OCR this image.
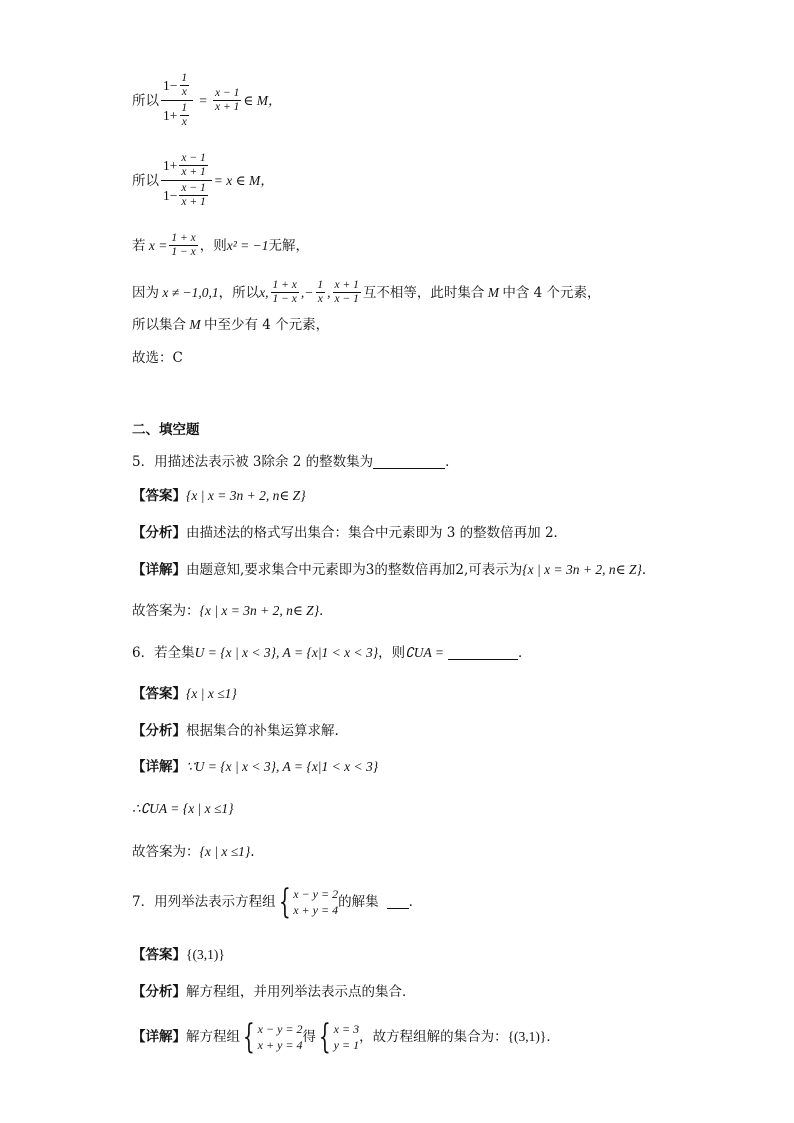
所以 $\frac{1- \frac{1}{x}}{1+ \frac{1}{x}} = \frac{x - 1}{x + 1}$ ∈ M，
所以 $\frac{1+ \frac{x - 1}{x + 1}}{1- \frac{x - 1}{x + 1}} = x$ ∈ M，
若 $x = \frac{1 + x}{1 - x}$ ，则 x² = −1 无解，
因为 x ≠ −1,0,1 ，所以 x, $\frac{1 + x}{1 - x}$ ,− $\frac{1}{x}$ , $\frac{x + 1}{x - 1}$ 互不相等，此时集合 M 中含 4 个元素，
所以集合 M 中至少有 4 个元素，
故选：C
二、填空题
5．用描述法表示被 3除余 2 的整数集为	．
【答案】 {x | x = 3n + 2, n∈ Z}
【分析】 由描述法的格式写出集合：集合中元素即为 3 的整数倍再加 2．
【详解】 由题意知,要求集合中元素即为3的整数倍再加2,可表示为 {x | x = 3n + 2, n∈ Z} ．
故答案为： {x | x = 3n + 2, n∈ Z} ．
6．若全集 U = {x | x < 3}, A = {x|1 < x < 3} ，则 ∁UA =	．
【答案】 {x | x ≤1}
【分析】 根据集合的补集运算求解.
【详解】 ∵U = {x | x < 3}, A = {x|1 < x < 3}
∴∁UA = {x | x ≤1}
故答案为： {x | x ≤1} .
7．用列举法表示方程组 { x − y = 2
x + y = 4 的解集 ．
【答案】 {(3,1)}
【分析】 解方程组，并用列举法表示点的集合．
【详解】 解方程组 { x − y = 2
x + y = 4 得 { x = 3
y = 1 ，故方程组解的集合为： {(3,1)} ．
